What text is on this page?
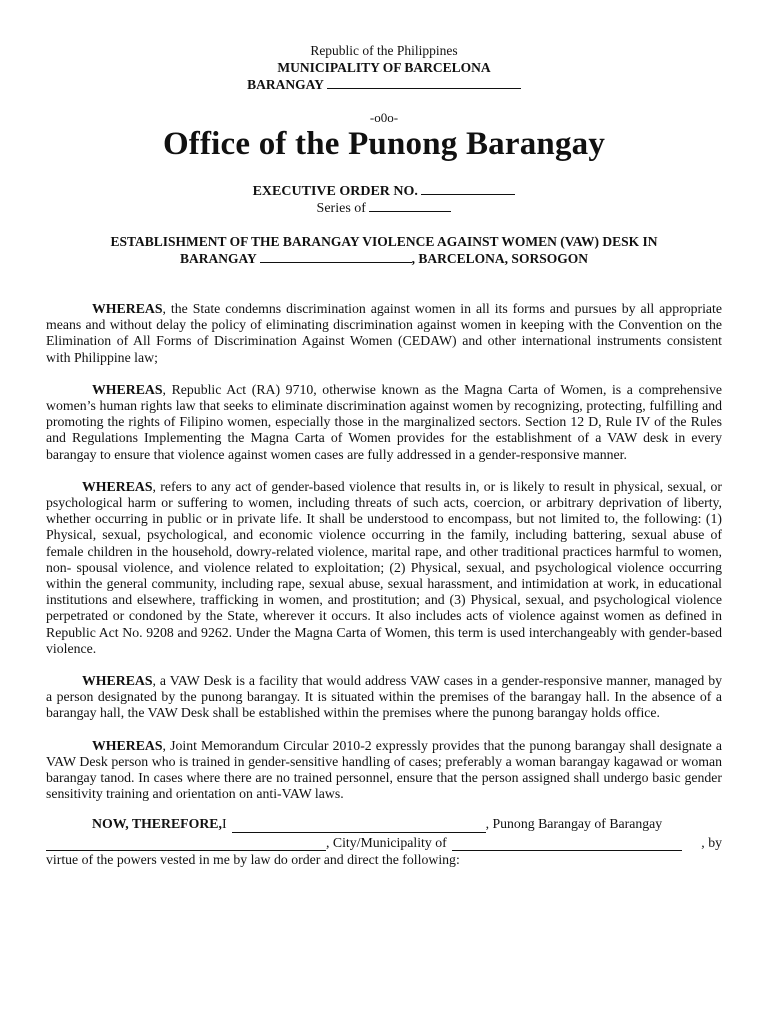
Republic of the Philippines
MUNICIPALITY OF BARCELONA
BARANGAY
-o0o-
Office of the Punong Barangay
EXECUTIVE ORDER NO.
Series of
ESTABLISHMENT OF THE BARANGAY VIOLENCE AGAINST WOMEN (VAW) DESK IN
BARANGAY	, BARCELONA, SORSOGON

WHEREAS, the State condemns discrimination against women in all its forms and pursues by all appropriate means and without delay the policy of eliminating discrimination against women in keeping with the Convention on the Elimination of All Forms of Discrimination Against Women (CEDAW) and other international instruments consistent with Philippine law;

WHEREAS, Republic Act (RA) 9710, otherwise known as the Magna Carta of Women, is a comprehensive women’s human rights law that seeks to eliminate discrimination against women by recognizing, protecting, fulfilling and promoting the rights of Filipino women, especially those in the marginalized sectors. Section 12 D, Rule IV of the Rules and Regulations Implementing the Magna Carta of Women provides for the establishment of a VAW desk in every barangay to ensure that violence against women cases are fully addressed in a gender-responsive manner.

WHEREAS, refers to any act of gender-based violence that results in, or is likely to result in physical, sexual, or psychological harm or suffering to women, including threats of such acts, coercion, or arbitrary deprivation of liberty, whether occurring in public or in private life. It shall be understood to encompass, but not limited to, the following: (1) Physical, sexual, psychological, and economic violence occurring in the family, including battering, sexual abuse of female children in the household, dowry-related violence, marital rape, and other traditional practices harmful to women, non- spousal violence, and violence related to exploitation; (2) Physical, sexual, and psychological violence occurring within the general community, including rape, sexual abuse, sexual harassment, and intimidation at work, in educational institutions and elsewhere, trafficking in women, and prostitution; and (3) Physical, sexual, and psychological violence perpetrated or condoned by the State, wherever it occurs. It also includes acts of violence against women as defined in Republic Act No. 9208 and 9262. Under the Magna Carta of Women, this term is used interchangeably with gender-based violence.

WHEREAS, a VAW Desk is a facility that would address VAW cases in a gender-responsive manner, managed by a person designated by the punong barangay. It is situated within the premises of the barangay hall. In the absence of a barangay hall, the VAW Desk shall be established within the premises where the punong barangay holds office.

WHEREAS, Joint Memorandum Circular 2010-2 expressly provides that the punong barangay shall designate a VAW Desk person who is trained in gender-sensitive handling of cases; preferably a woman barangay kagawad or woman barangay tanod. In cases where there are no trained personnel, ensure that the person assigned shall undergo basic gender sensitivity training and orientation on anti-VAW laws.

NOW, THEREFORE, I	, Punong Barangay of Barangay
, City/Municipality of	, by
virtue of the powers vested in me by law do order and direct the following:
